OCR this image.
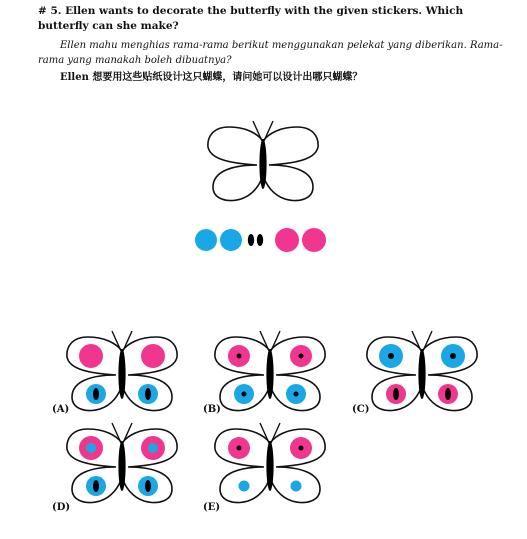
# 5. Ellen wants to decorate the butterfly with the given stickers. Which butterfly can she make?
Ellen mahu menghias rama-rama berikut menggunakan pelekat yang diberikan. Rama-rama yang manakah boleh dibuatnya?
Ellen 想要用这些贴纸设计这只蝴蝶，请问她可以设计出哪只蝴蝶？
(A)	(B)	(C)
(D)	(E)
